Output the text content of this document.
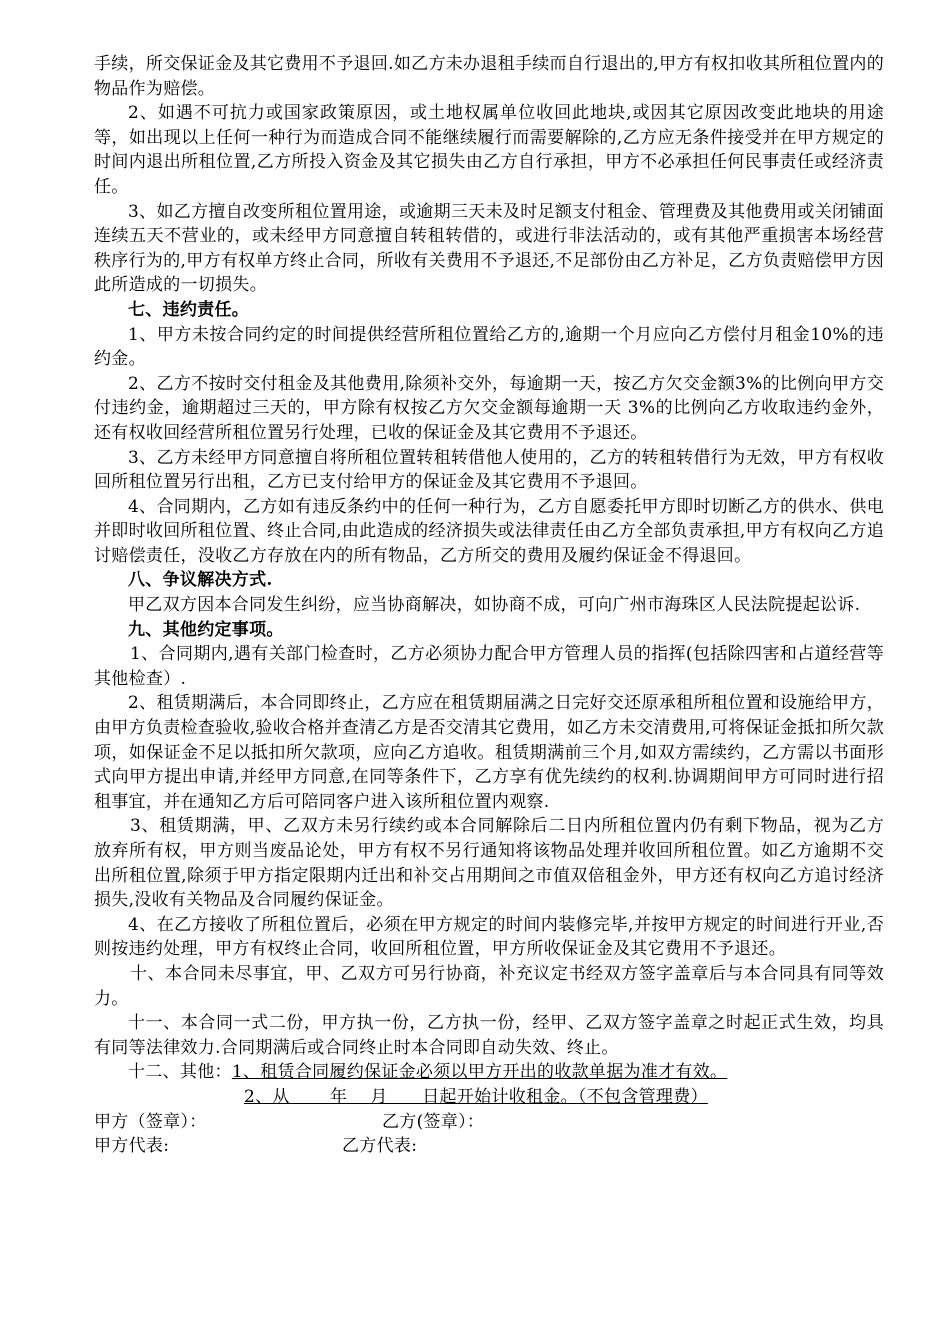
手续，所交保证金及其它费用不予退回.如乙方未办退租手续而自行退出的,甲方有权扣收其所租位置内的物品作为赔偿。

2、如遇不可抗力或国家政策原因，或土地权属单位收回此地块,或因其它原因改变此地块的用途等，如出现以上任何一种行为而造成合同不能继续履行而需要解除的,乙方应无条件接受并在甲方规定的时间内退出所租位置,乙方所投入资金及其它损失由乙方自行承担，甲方不必承担任何民事责任或经济责任。

3、如乙方擅自改变所租位置用途，或逾期三天未及时足额支付租金、管理费及其他费用或关闭铺面连续五天不营业的，或未经甲方同意擅自转租转借的，或进行非法活动的，或有其他严重损害本场经营秩序行为的,甲方有权单方终止合同，所收有关费用不予退还,不足部份由乙方补足，乙方负责赔偿甲方因此所造成的一切损失。

七、违约责任。

1、甲方未按合同约定的时间提供经营所租位置给乙方的,逾期一个月应向乙方偿付月租金10%的违约金。

2、乙方不按时交付租金及其他费用,除须补交外，每逾期一天，按乙方欠交金额3%的比例向甲方交付违约金，逾期超过三天的，甲方除有权按乙方欠交金额每逾期一天 3%的比例向乙方收取违约金外，还有权收回经营所租位置另行处理，已收的保证金及其它费用不予退还。

3、乙方未经甲方同意擅自将所租位置转租转借他人使用的，乙方的转租转借行为无效，甲方有权收回所租位置另行出租，乙方已支付给甲方的保证金及其它费用不予退回。

4、合同期内，乙方如有违反条约中的任何一种行为，乙方自愿委托甲方即时切断乙方的供水、供电并即时收回所租位置、终止合同,由此造成的经济损失或法律责任由乙方全部负责承担,甲方有权向乙方追讨赔偿责任，没收乙方存放在内的所有物品，乙方所交的费用及履约保证金不得退回。

八、争议解决方式.

甲乙双方因本合同发生纠纷，应当协商解决，如协商不成，可向广州市海珠区人民法院提起讼诉.

九、其他约定事项。

1、合同期内,遇有关部门检查时，乙方必须协力配合甲方管理人员的指挥(包括除四害和占道经营等其他检查）.

2、租赁期满后，本合同即终止，乙方应在租赁期届满之日完好交还原承租所租位置和设施给甲方，由甲方负责检查验收,验收合格并查清乙方是否交清其它费用，如乙方未交清费用,可将保证金抵扣所欠款项，如保证金不足以抵扣所欠款项，应向乙方追收。租赁期满前三个月,如双方需续约，乙方需以书面形式向甲方提出申请,并经甲方同意,在同等条件下，乙方享有优先续约的权利.协调期间甲方可同时进行招租事宜，并在通知乙方后可陪同客户进入该所租位置内观察.

3、租赁期满，甲、乙双方未另行续约或本合同解除后二日内所租位置内仍有剩下物品，视为乙方放弃所有权，甲方则当废品论处，甲方有权不另行通知将该物品处理并收回所租位置。如乙方逾期不交出所租位置,除须于甲方指定限期内迁出和补交占用期间之市值双倍租金外，甲方还有权向乙方追讨经济损失,没收有关物品及合同履约保证金。

4、在乙方接收了所租位置后，必须在甲方规定的时间内装修完毕,并按甲方规定的时间进行开业,否则按违约处理，甲方有权终止合同，收回所租位置，甲方所收保证金及其它费用不予退还。

十、本合同未尽事宜，甲、乙双方可另行协商，补充议定书经双方签字盖章后与本合同具有同等效力。

十一、本合同一式二份，甲方执一份，乙方执一份，经甲、乙双方签字盖章之时起正式生效，均具有同等法律效力.合同期满后或合同终止时本合同即自动失效、终止。

十二、其他：1、租赁合同履约保证金必须以甲方开出的收款单据为准才有效。

2、从　　 年　 月　　日起开始计收租金。（不包含管理费）

甲方（签章）：	乙方(签章）：
甲方代表:	乙方代表:
